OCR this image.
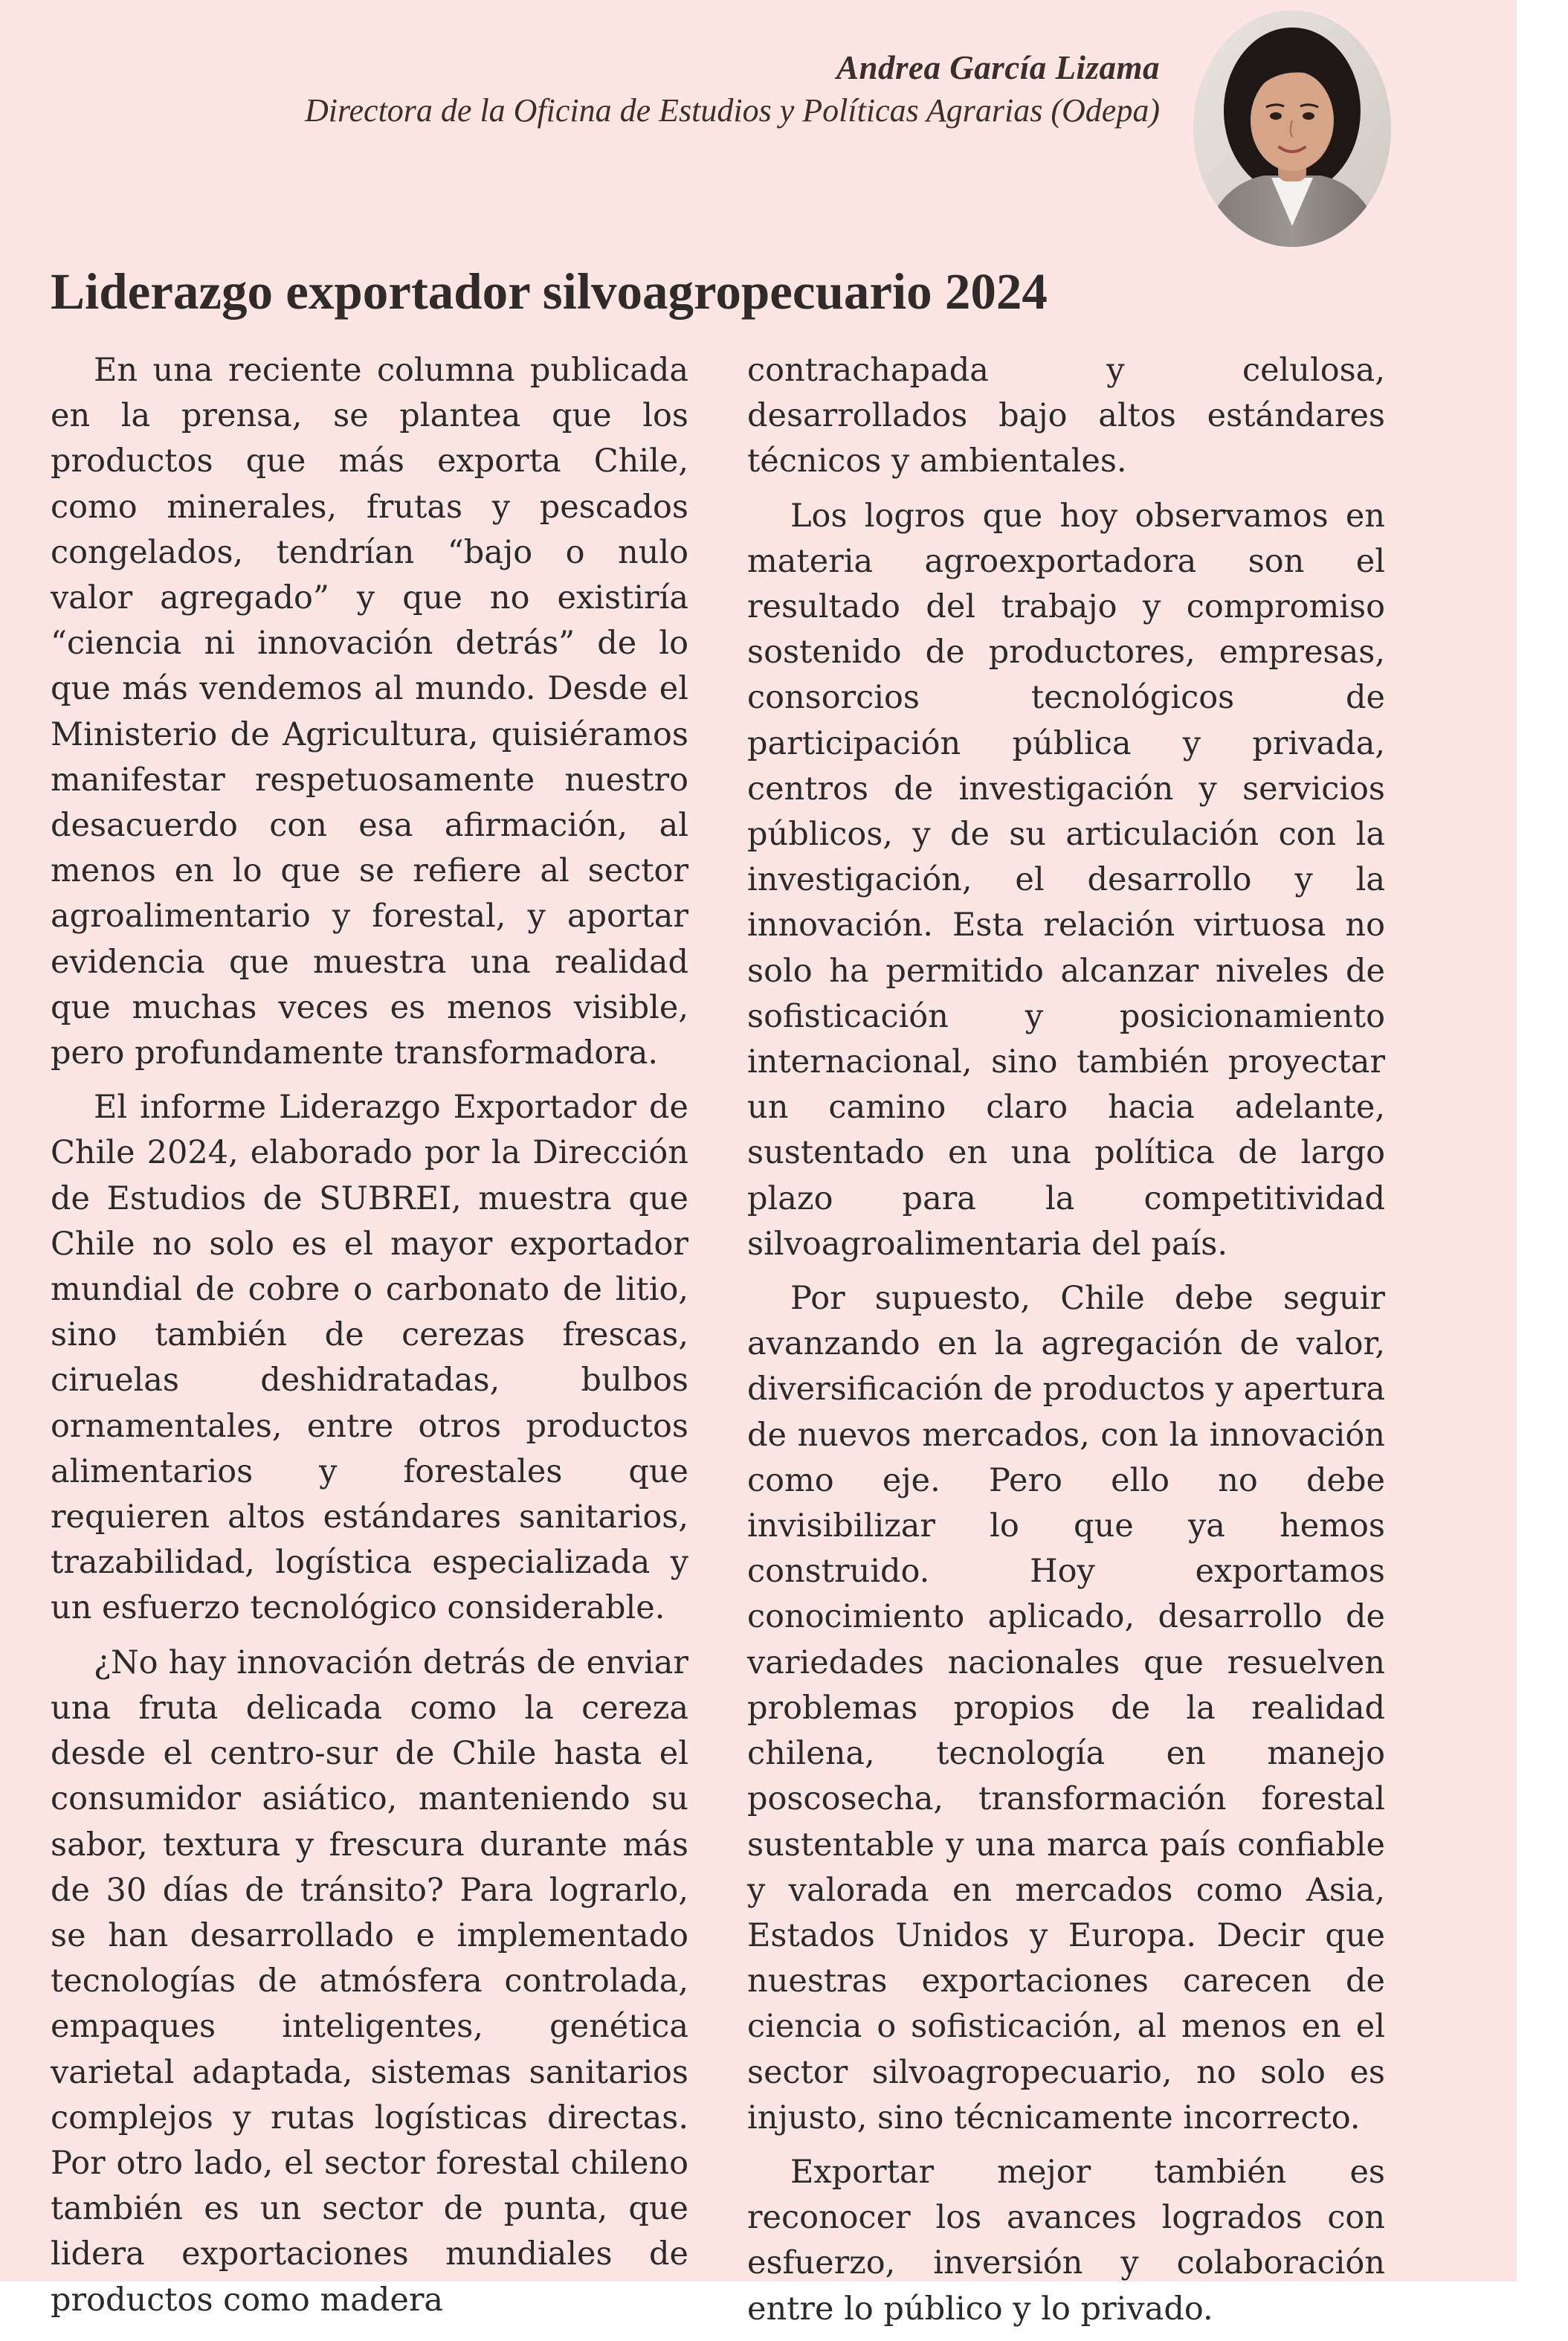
Andrea García Lizama
Directora de la Oficina de Estudios y Políticas Agrarias (Odepa)
Liderazgo exportador silvoagropecuario 2024

En una reciente columna publicada en la prensa, se plantea que los productos que más exporta Chile, como minerales, frutas y pescados congelados, tendrían “bajo o nulo valor agregado” y que no existiría “ciencia ni innovación detrás” de lo que más vendemos al mundo. Desde el Ministerio de Agricultura, quisiéramos manifestar respetuosamente nuestro desacuerdo con esa afirmación, al menos en lo que se refiere al sector agroalimentario y forestal, y aportar evidencia que muestra una realidad que muchas veces es menos visible, pero profundamente transformadora.

El informe Liderazgo Exportador de Chile 2024, elaborado por la Dirección de Estudios de SUBREI, muestra que Chile no solo es el mayor exportador mundial de cobre o carbonato de litio, sino también de cerezas frescas, ciruelas deshidratadas, bulbos ornamentales, entre otros productos alimentarios y forestales que requieren altos estándares sanitarios, trazabilidad, logística especializada y un esfuerzo tecnológico considerable.

¿No hay innovación detrás de enviar una fruta delicada como la cereza desde el centro-sur de Chile hasta el consumidor asiático, manteniendo su sabor, textura y frescura durante más de 30 días de tránsito? Para lograrlo, se han desarrollado e implementado tecnologías de atmósfera controlada, empaques inteligentes, genética varietal adaptada, sistemas sanitarios complejos y rutas logísticas directas. Por otro lado, el sector forestal chileno también es un sector de punta, que lidera exportaciones mundiales de productos como madera

contrachapada y celulosa, desarrollados bajo altos estándares técnicos y ambientales.

Los logros que hoy observamos en materia agroexportadora son el resultado del trabajo y compromiso sostenido de productores, empresas, consorcios tecnológicos de participación pública y privada, centros de investigación y servicios públicos, y de su articulación con la investigación, el desarrollo y la innovación. Esta relación virtuosa no solo ha permitido alcanzar niveles de sofisticación y posicionamiento internacional, sino también proyectar un camino claro hacia adelante, sustentado en una política de largo plazo para la competitividad silvoagroalimentaria del país.

Por supuesto, Chile debe seguir avanzando en la agregación de valor, diversificación de productos y apertura de nuevos mercados, con la innovación como eje. Pero ello no debe invisibilizar lo que ya hemos construido. Hoy exportamos conocimiento aplicado, desarrollo de variedades nacionales que resuelven problemas propios de la realidad chilena, tecnología en manejo poscosecha, transformación forestal sustentable y una marca país confiable y valorada en mercados como Asia, Estados Unidos y Europa. Decir que nuestras exportaciones carecen de ciencia o sofisticación, al menos en el sector silvoagropecuario, no solo es injusto, sino técnicamente incorrecto.

Exportar mejor también es reconocer los avances logrados con esfuerzo, inversión y colaboración entre lo público y lo privado.
